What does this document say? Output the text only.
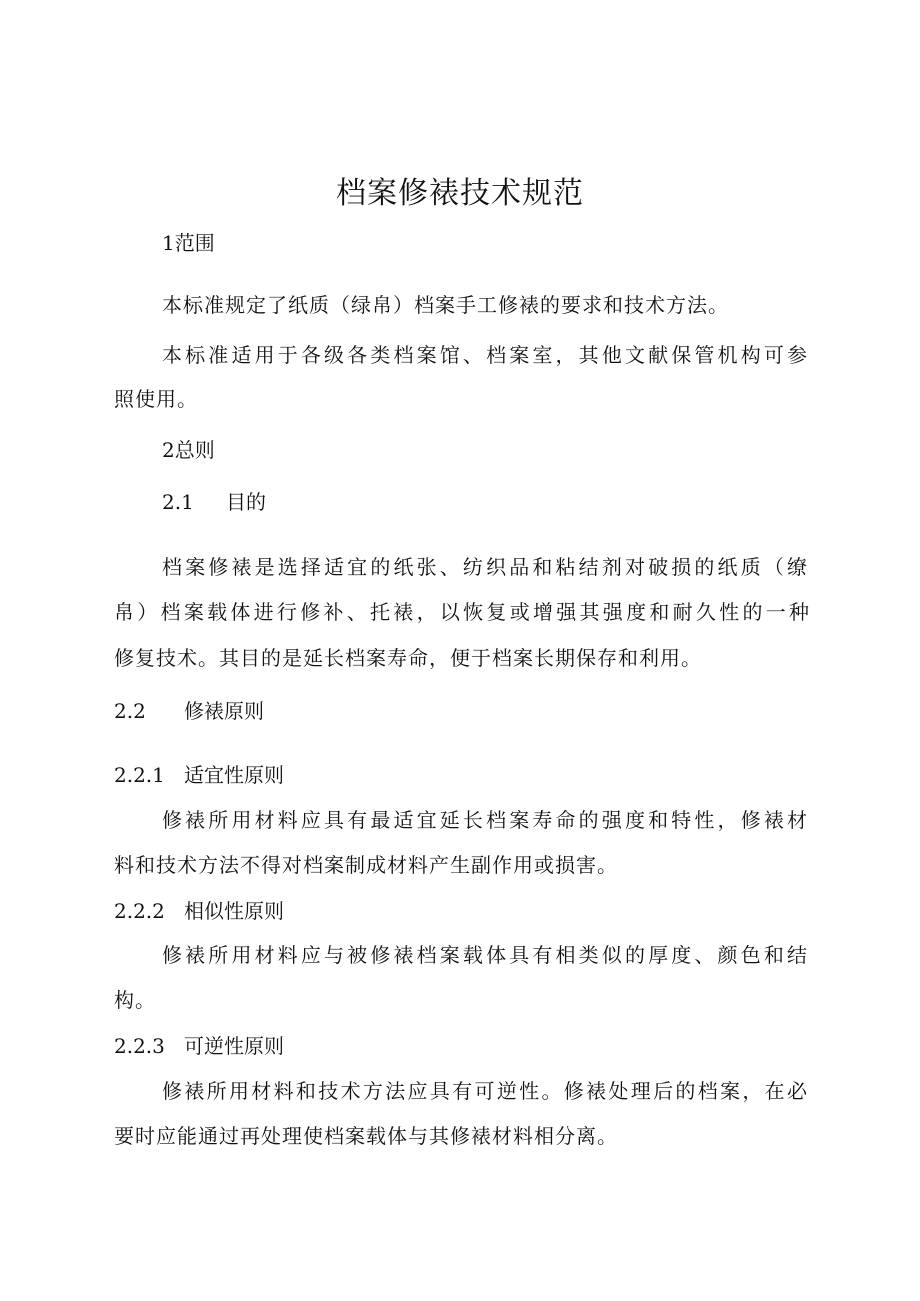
档案修裱技术规范
1范围
本标准规定了纸质（绿帛）档案手工修裱的要求和技术方法。
本标准适用于各级各类档案馆、档案室，其他文献保管机构可参
照使用。
2总则
2.1 目的
档案修裱是选择适宜的纸张、纺织品和粘结剂对破损的纸质（缭
帛）档案载体进行修补、托裱，以恢复或增强其强度和耐久性的一种
修复技术。其目的是延长档案寿命，便于档案长期保存和利用。
2.2 修裱原则
2.2.1 适宜性原则
修裱所用材料应具有最适宜延长档案寿命的强度和特性，修裱材
料和技术方法不得对档案制成材料产生副作用或损害。
2.2.2 相似性原则
修裱所用材料应与被修裱档案载体具有相类似的厚度、颜色和结
构。
2.2.3 可逆性原则
修裱所用材料和技术方法应具有可逆性。修裱处理后的档案，在必
要时应能通过再处理使档案载体与其修裱材料相分离。
